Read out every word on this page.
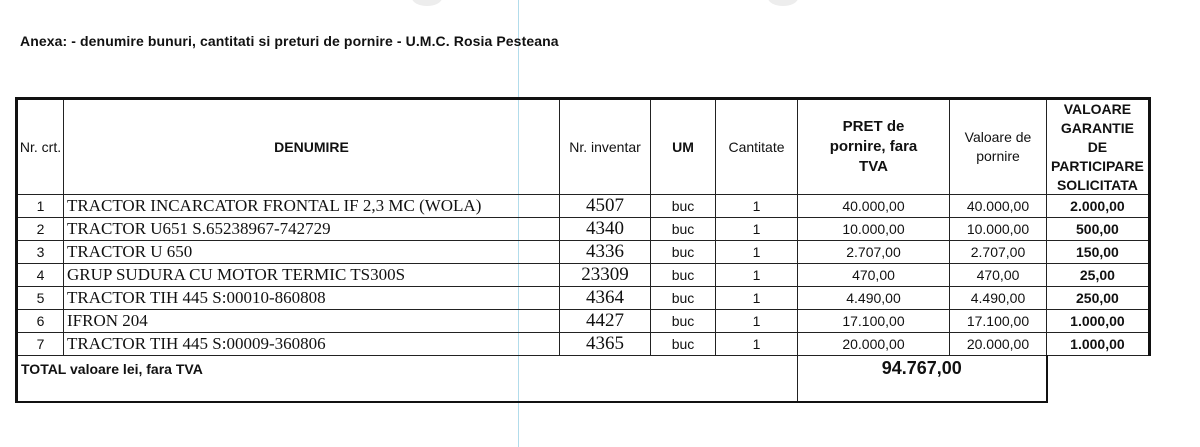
Anexa: - denumire bunuri, cantitati si preturi de pornire - U.M.C. Rosia Pesteana
Nr. crt.	DENUMIRE	Nr. inventar	UM	Cantitate	PRET de pornire, fara TVA	Valoare de pornire	VALOARE GARANTIE DE PARTICIPARE SOLICITATA
1	TRACTOR INCARCATOR FRONTAL IF 2,3 MC (WOLA)	4507	buc	1	40.000,00	40.000,00	2.000,00
2	TRACTOR U651 S.65238967-742729	4340	buc	1	10.000,00	10.000,00	500,00
3	TRACTOR U 650	4336	buc	1	2.707,00	2.707,00	150,00
4	GRUP SUDURA CU MOTOR TERMIC TS300S	23309	buc	1	470,00	470,00	25,00
5	TRACTOR TIH 445 S:00010-860808	4364	buc	1	4.490,00	4.490,00	250,00
6	IFRON 204	4427	buc	1	17.100,00	17.100,00	1.000,00
7	TRACTOR TIH 445 S:00009-360806	4365	buc	1	20.000,00	20.000,00	1.000,00
TOTAL valoare lei, fara TVA					94.767,00		
